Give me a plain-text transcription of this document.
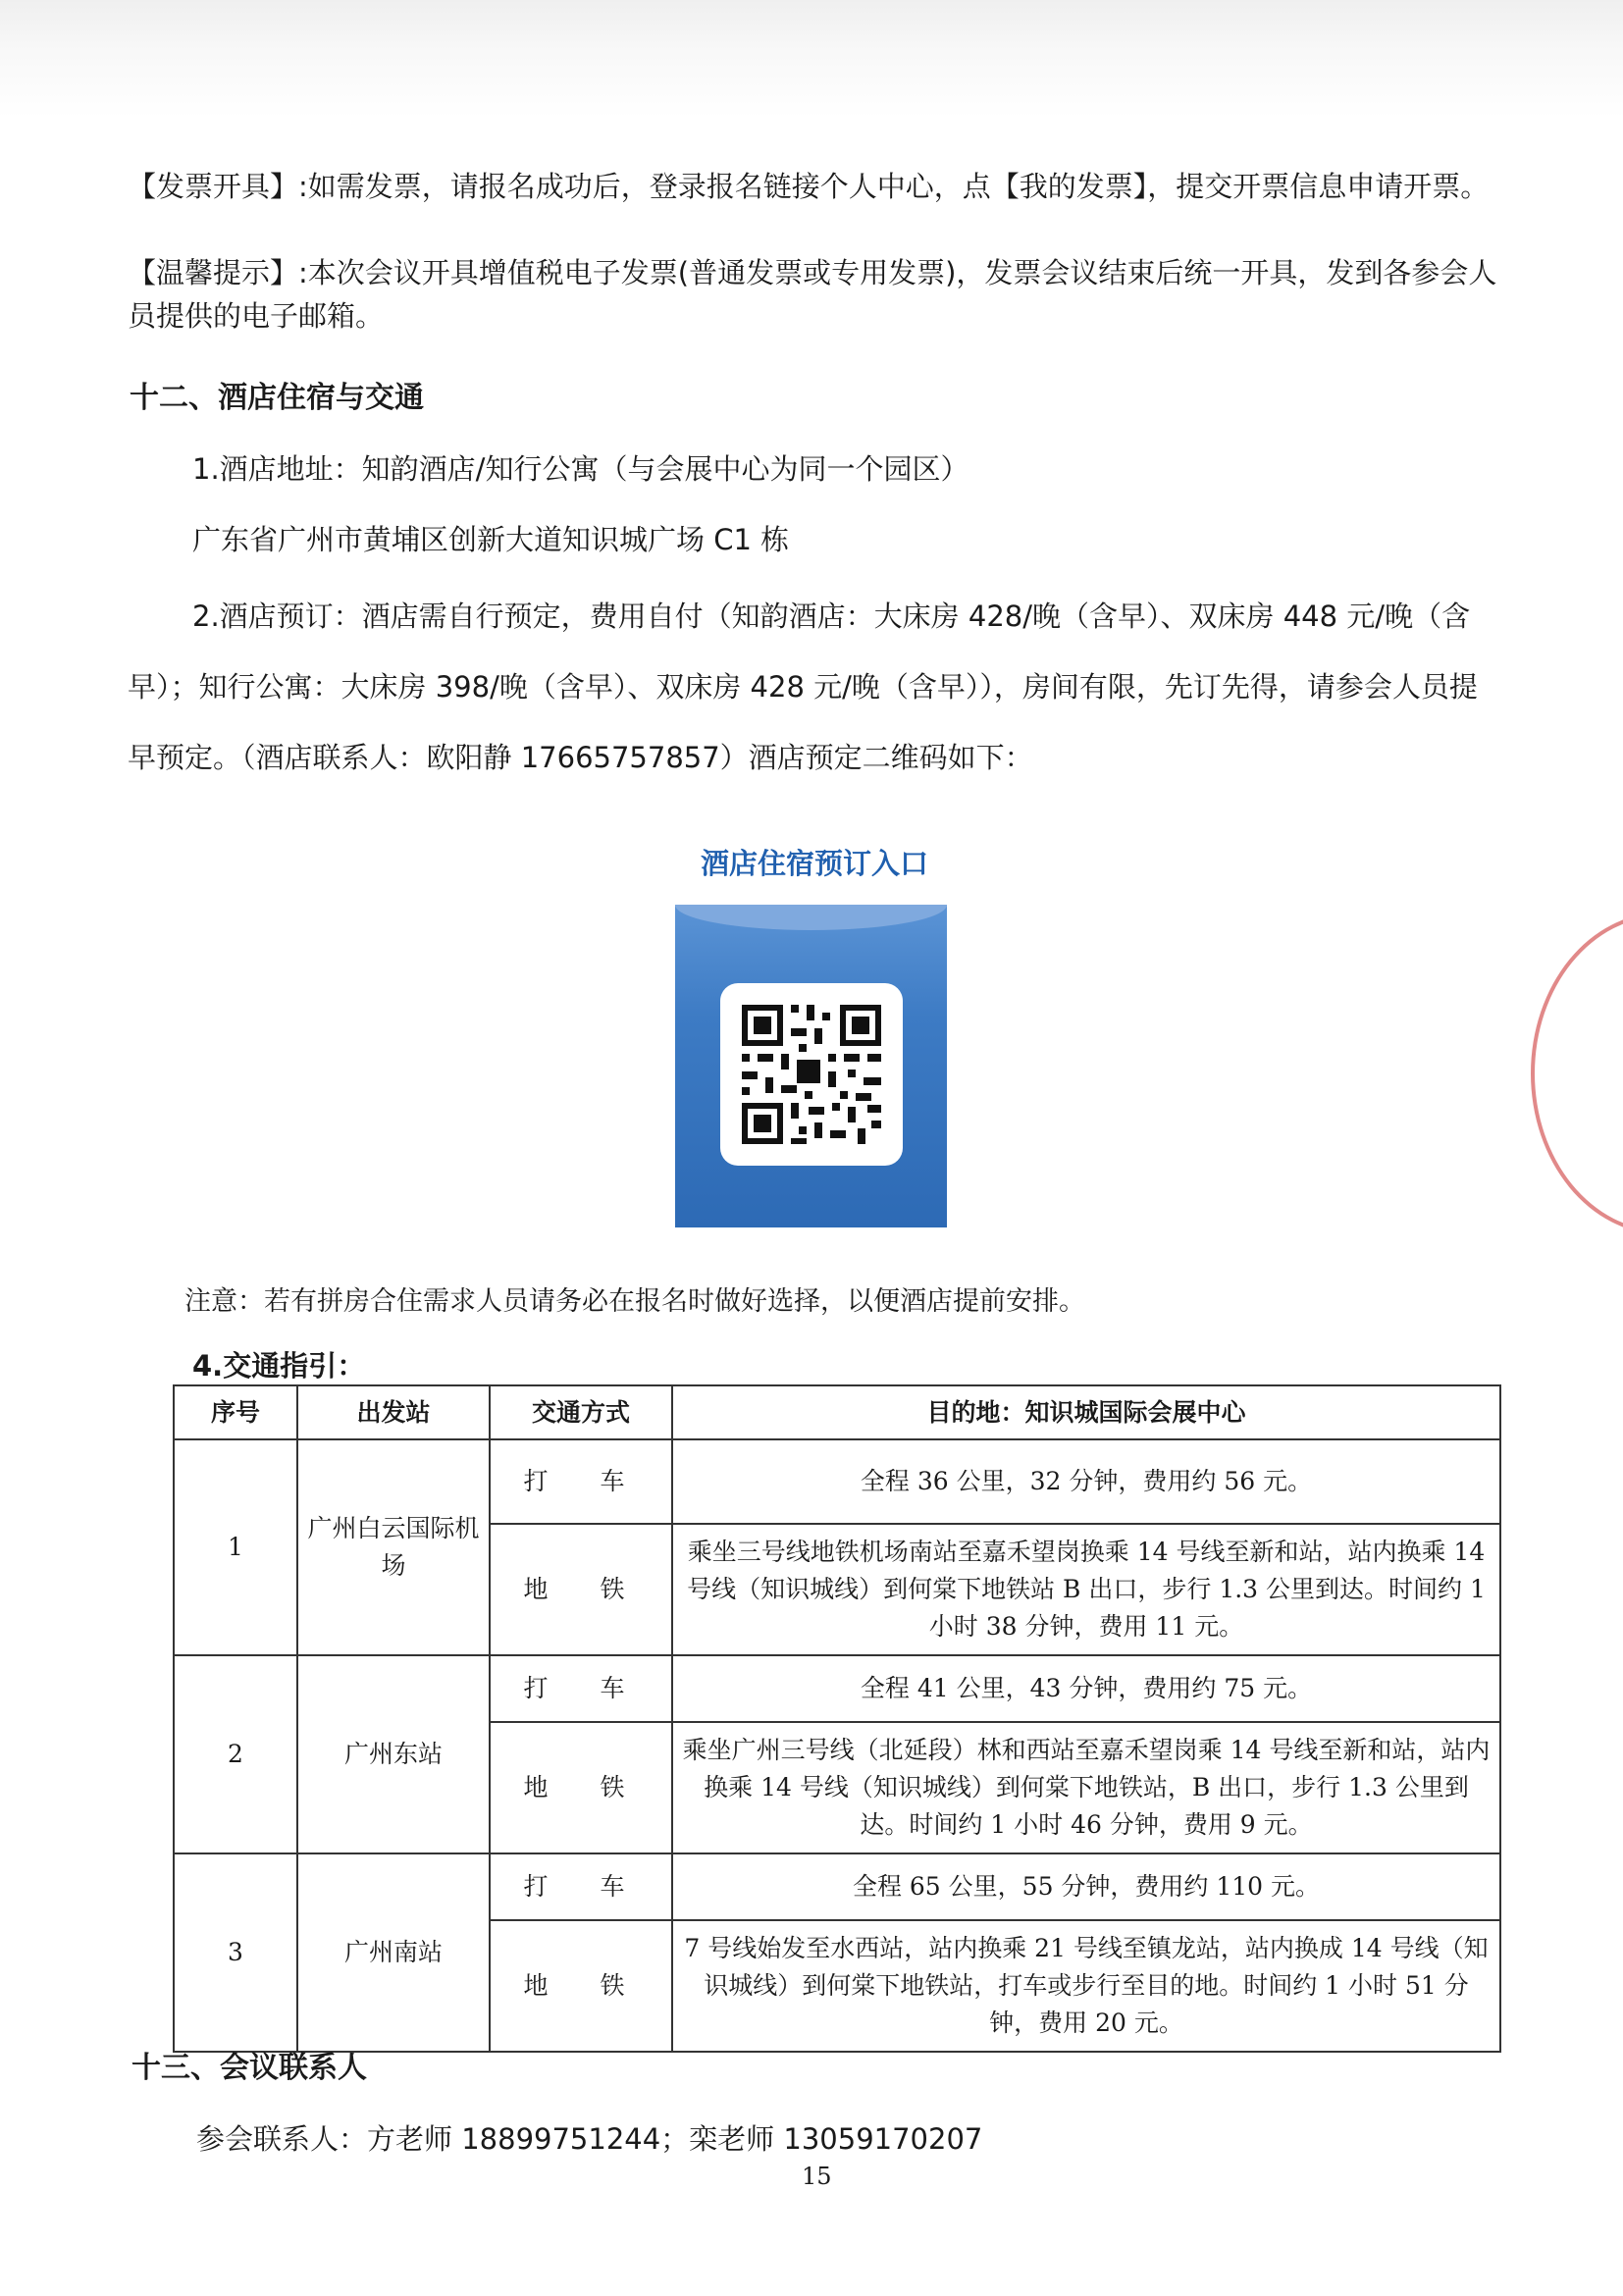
【发票开具】:如需发票，请报名成功后，登录报名链接个人中心，点【我的发票】，提交开票信息申请开票。
【温馨提示】:本次会议开具增值税电子发票(普通发票或专用发票)，发票会议结束后统一开具，发到各参会人员提供的电子邮箱。
十二、酒店住宿与交通
1.酒店地址：知韵酒店/知行公寓（与会展中心为同一个园区）
广东省广州市黄埔区创新大道知识城广场 C1 栋
2.酒店预订：酒店需自行预定，费用自付（知韵酒店：大床房 428/晚（含早）、双床房 448 元/晚（含早）；知行公寓：大床房 398/晚（含早）、双床房 428 元/晚（含早）），房间有限，先订先得，请参会人员提早预定。（酒店联系人：欧阳静 17665757857）酒店预定二维码如下：
酒店住宿预订入口
注意：若有拼房合住需求人员请务必在报名时做好选择，以便酒店提前安排。
4.交通指引：
序号	出发站	交通方式	目的地：知识城国际会展中心
1	广州白云国际机场	打　车	全程 36 公里，32 分钟，费用约 56 元。
		地　铁	乘坐三号线地铁机场南站至嘉禾望岗换乘 14 号线至新和站，站内换乘 14 号线（知识城线）到何棠下地铁站 B 出口，步行 1.3 公里到达。时间约 1 小时 38 分钟，费用 11 元。
2	广州东站	打　车	全程 41 公里，43 分钟，费用约 75 元。
		地　铁	乘坐广州三号线（北延段）林和西站至嘉禾望岗乘 14 号线至新和站，站内换乘 14 号线（知识城线）到何棠下地铁站，B 出口，步行 1.3 公里到达。时间约 1 小时 46 分钟，费用 9 元。
3	广州南站	打　车	全程 65 公里，55 分钟，费用约 110 元。
		地　铁	7 号线始发至水西站，站内换乘 21 号线至镇龙站，站内换成 14 号线（知识城线）到何棠下地铁站，打车或步行至目的地。时间约 1 小时 51 分钟，费用 20 元。
十三、会议联系人
参会联系人：方老师 18899751244；栾老师 13059170207
15
